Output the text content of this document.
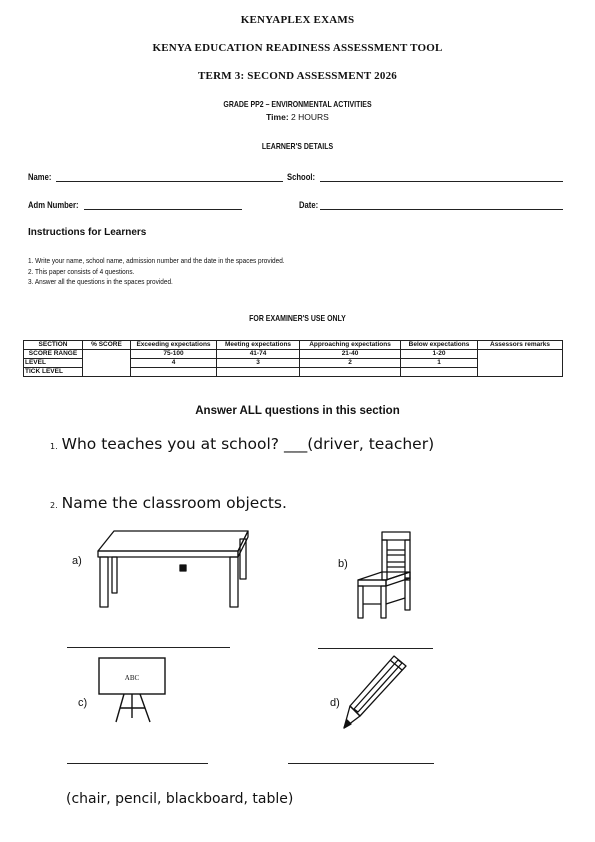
KENYAPLEX EXAMS
KENYA EDUCATION READINESS ASSESSMENT TOOL
TERM 3: SECOND ASSESSMENT 2026
GRADE PP2 – ENVIRONMENTAL ACTIVITIES
Time: 2 HOURS
LEARNER'S DETAILS
Name:	School:
Adm Number:	Date:
Instructions for Learners
1. Write your name, school name, admission number and the date in the spaces provided.
2. This paper consists of 4 questions.
3. Answer all the questions in the spaces provided.
FOR EXAMINER'S USE ONLY
SECTION	% SCORE	Exceeding expectations	Meeting expectations	Approaching expectations	Below expectations	Assessors remarks
SCORE RANGE		75-100	41-74	21-40	1-20	
LEVEL		4	3	2	1	
TICK LEVEL						
Answer ALL questions in this section
1. Who teaches you at school? ___(driver, teacher)
2. Name the classroom objects.
a)	b)
c)
ABC
d)
(chair, pencil, blackboard, table)
